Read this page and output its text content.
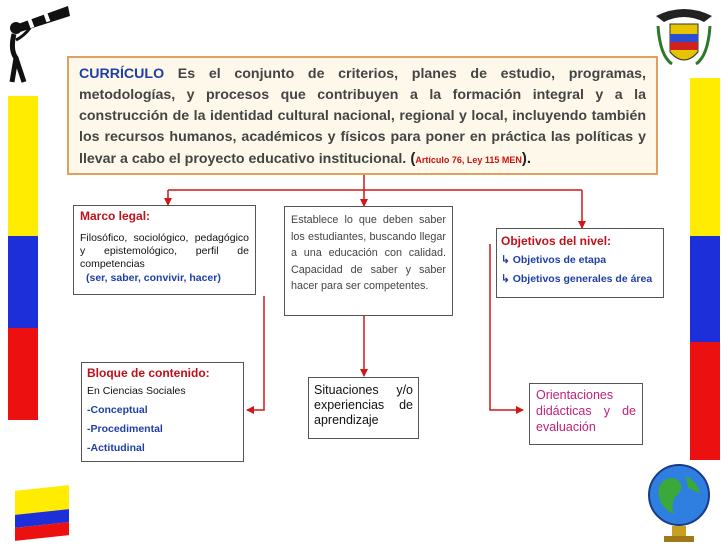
CURRÍCULO Es el conjunto de criterios, planes de estudio, programas, metodologías, y procesos que contribuyen a la formación integral y a la construcción de la identidad cultural nacional, regional y local, incluyendo también los recursos humanos, académicos y físicos para poner en práctica las políticas y llevar a cabo el proyecto educativo institucional. (Artículo 76, Ley 115 MEN).
Marco legal:
Filosófico, sociológico, pedagógico y epistemológico, perfil de competencias
(ser, saber, convivir, hacer)
Establece lo que deben saber los estudiantes, buscando llegar a una educación con calidad. Capacidad de saber y saber hacer para ser competentes.
Objetivos del nivel:
↳ Objetivos de etapa
↳ Objetivos generales de área
Bloque de contenido:
En Ciencias Sociales
-Conceptual
-Procedimental
-Actitudinal
Situaciones y/o experiencias de aprendizaje
Orientaciones didácticas y de evaluación
